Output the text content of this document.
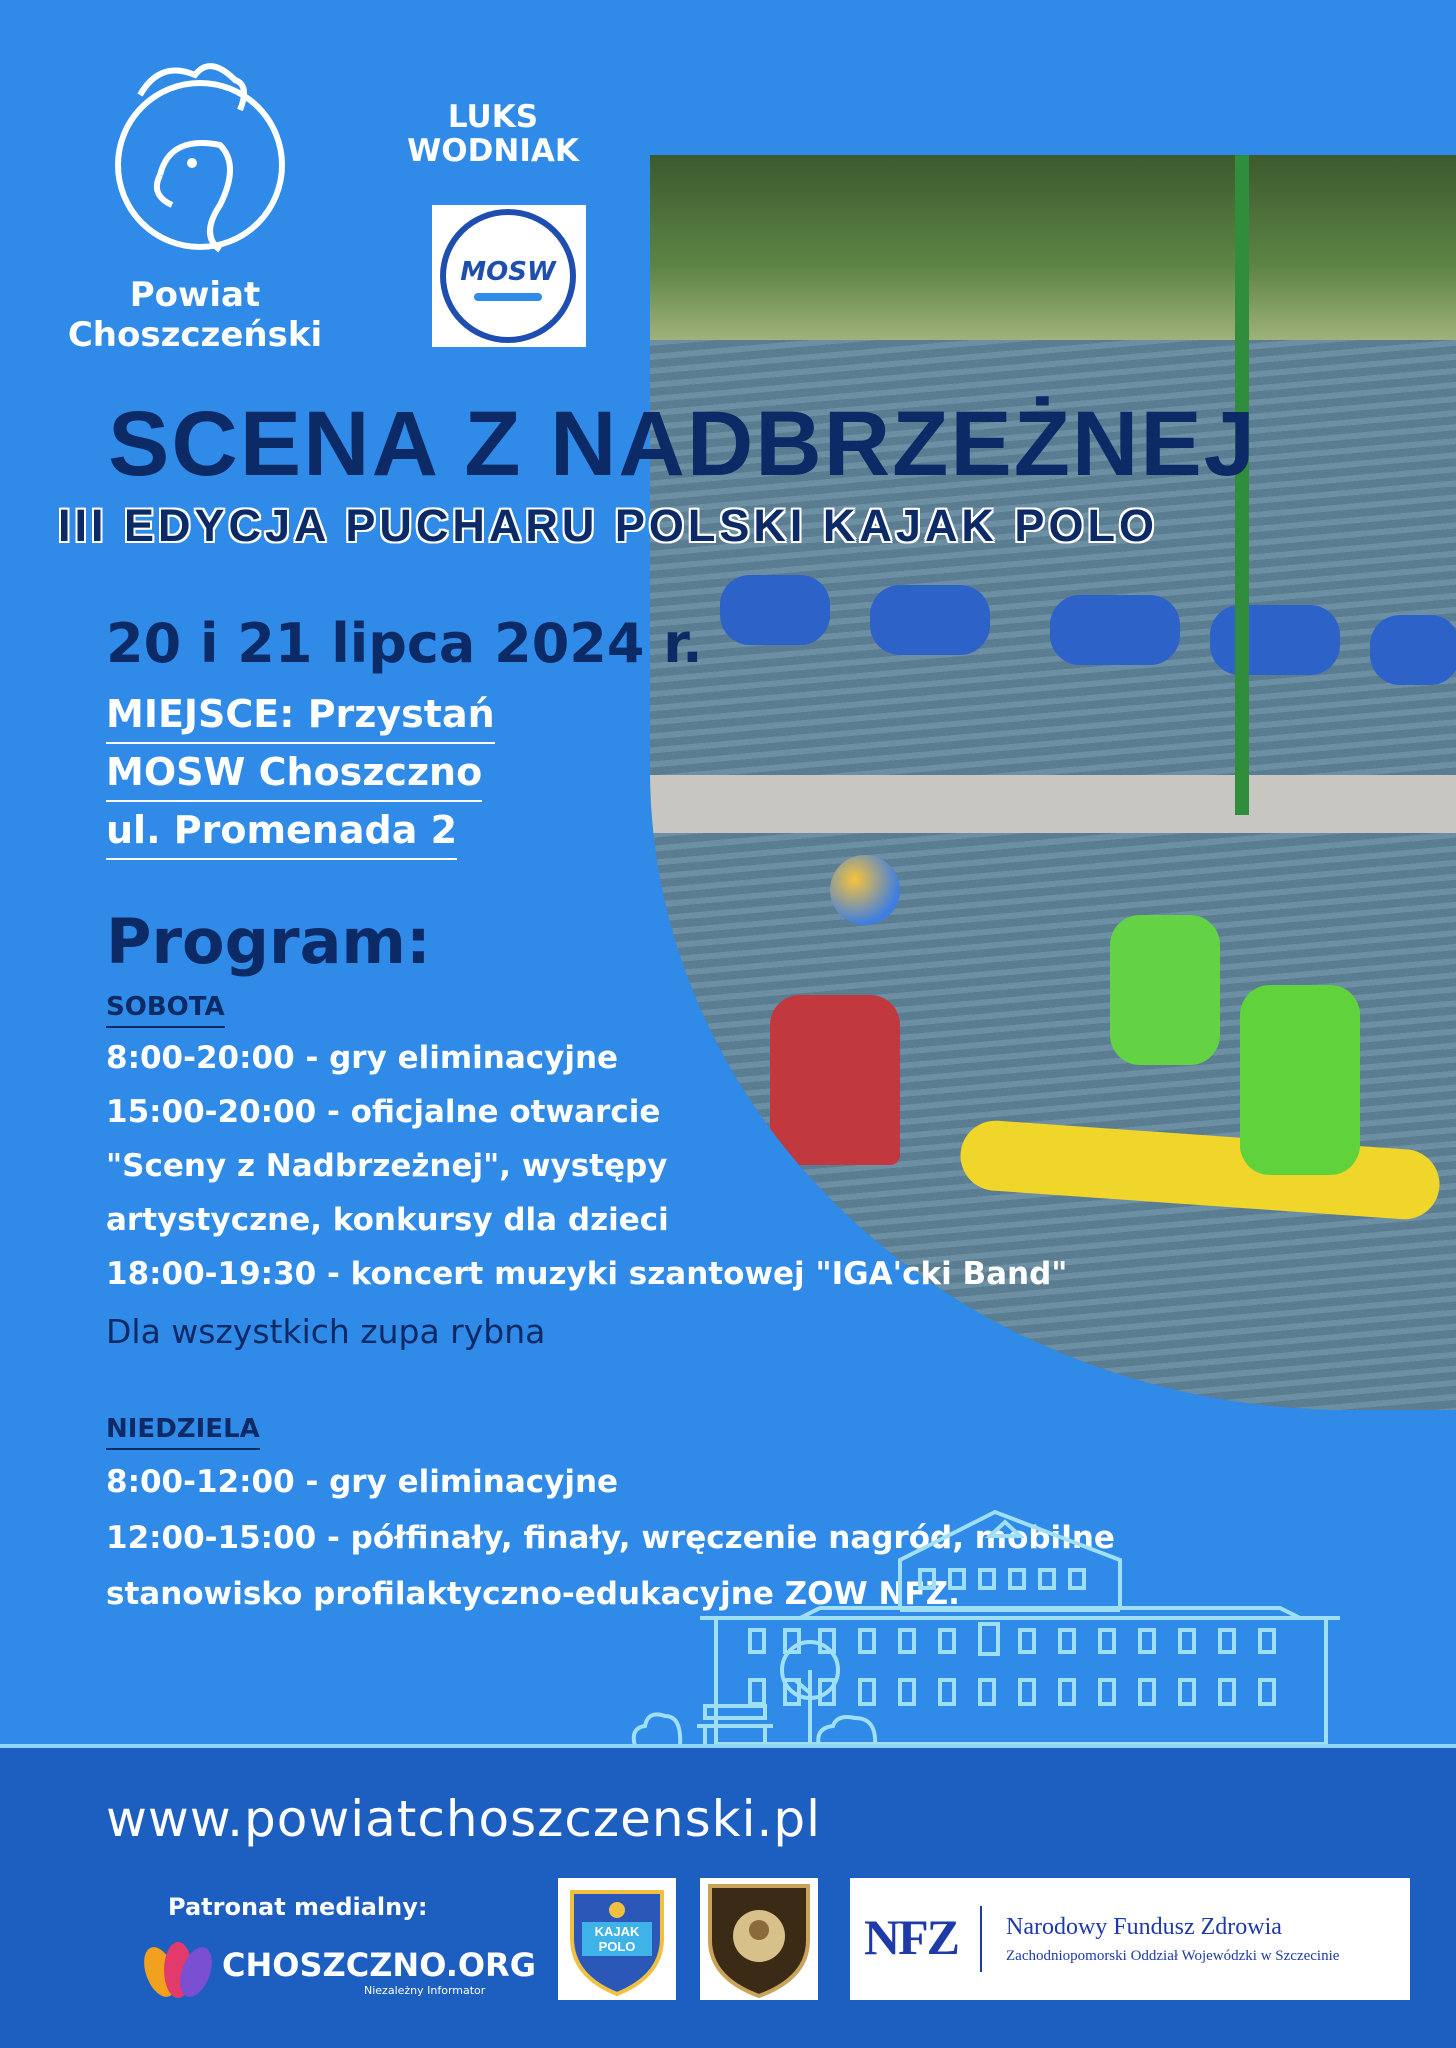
Powiat
Choszczeński
LUKS
WODNIAK
MOSW
SCENA Z NADBRZEŻNEJ
III EDYCJA PUCHARU POLSKI KAJAK POLO
20 i 21 lipca 2024 r.
MIEJSCE: Przystań
MOSW Choszczno
ul. Promenada 2
Program:
SOBOTA
8:00-20:00 - gry eliminacyjne
15:00-20:00 - oficjalne otwarcie
"Sceny z Nadbrzeżnej", występy
artystyczne, konkursy dla dzieci
18:00-19:30 - koncert muzyki szantowej "IGA'cki Band"
Dla wszystkich zupa rybna
NIEDZIELA
8:00-12:00 - gry eliminacyjne
12:00-15:00 - półfinały, finały, wręczenie nagród, mobilne
stanowisko profilaktyczno-edukacyjne ZOW NFZ.
www.powiatchoszczenski.pl
Patronat medialny:
CHOSZCZNO.ORG
Niezależny Informator
KAJAK
POLO	NFZ Narodowy Fundusz Zdrowia
Zachodniopomorski Oddział Wojewódzki w Szczecinie
